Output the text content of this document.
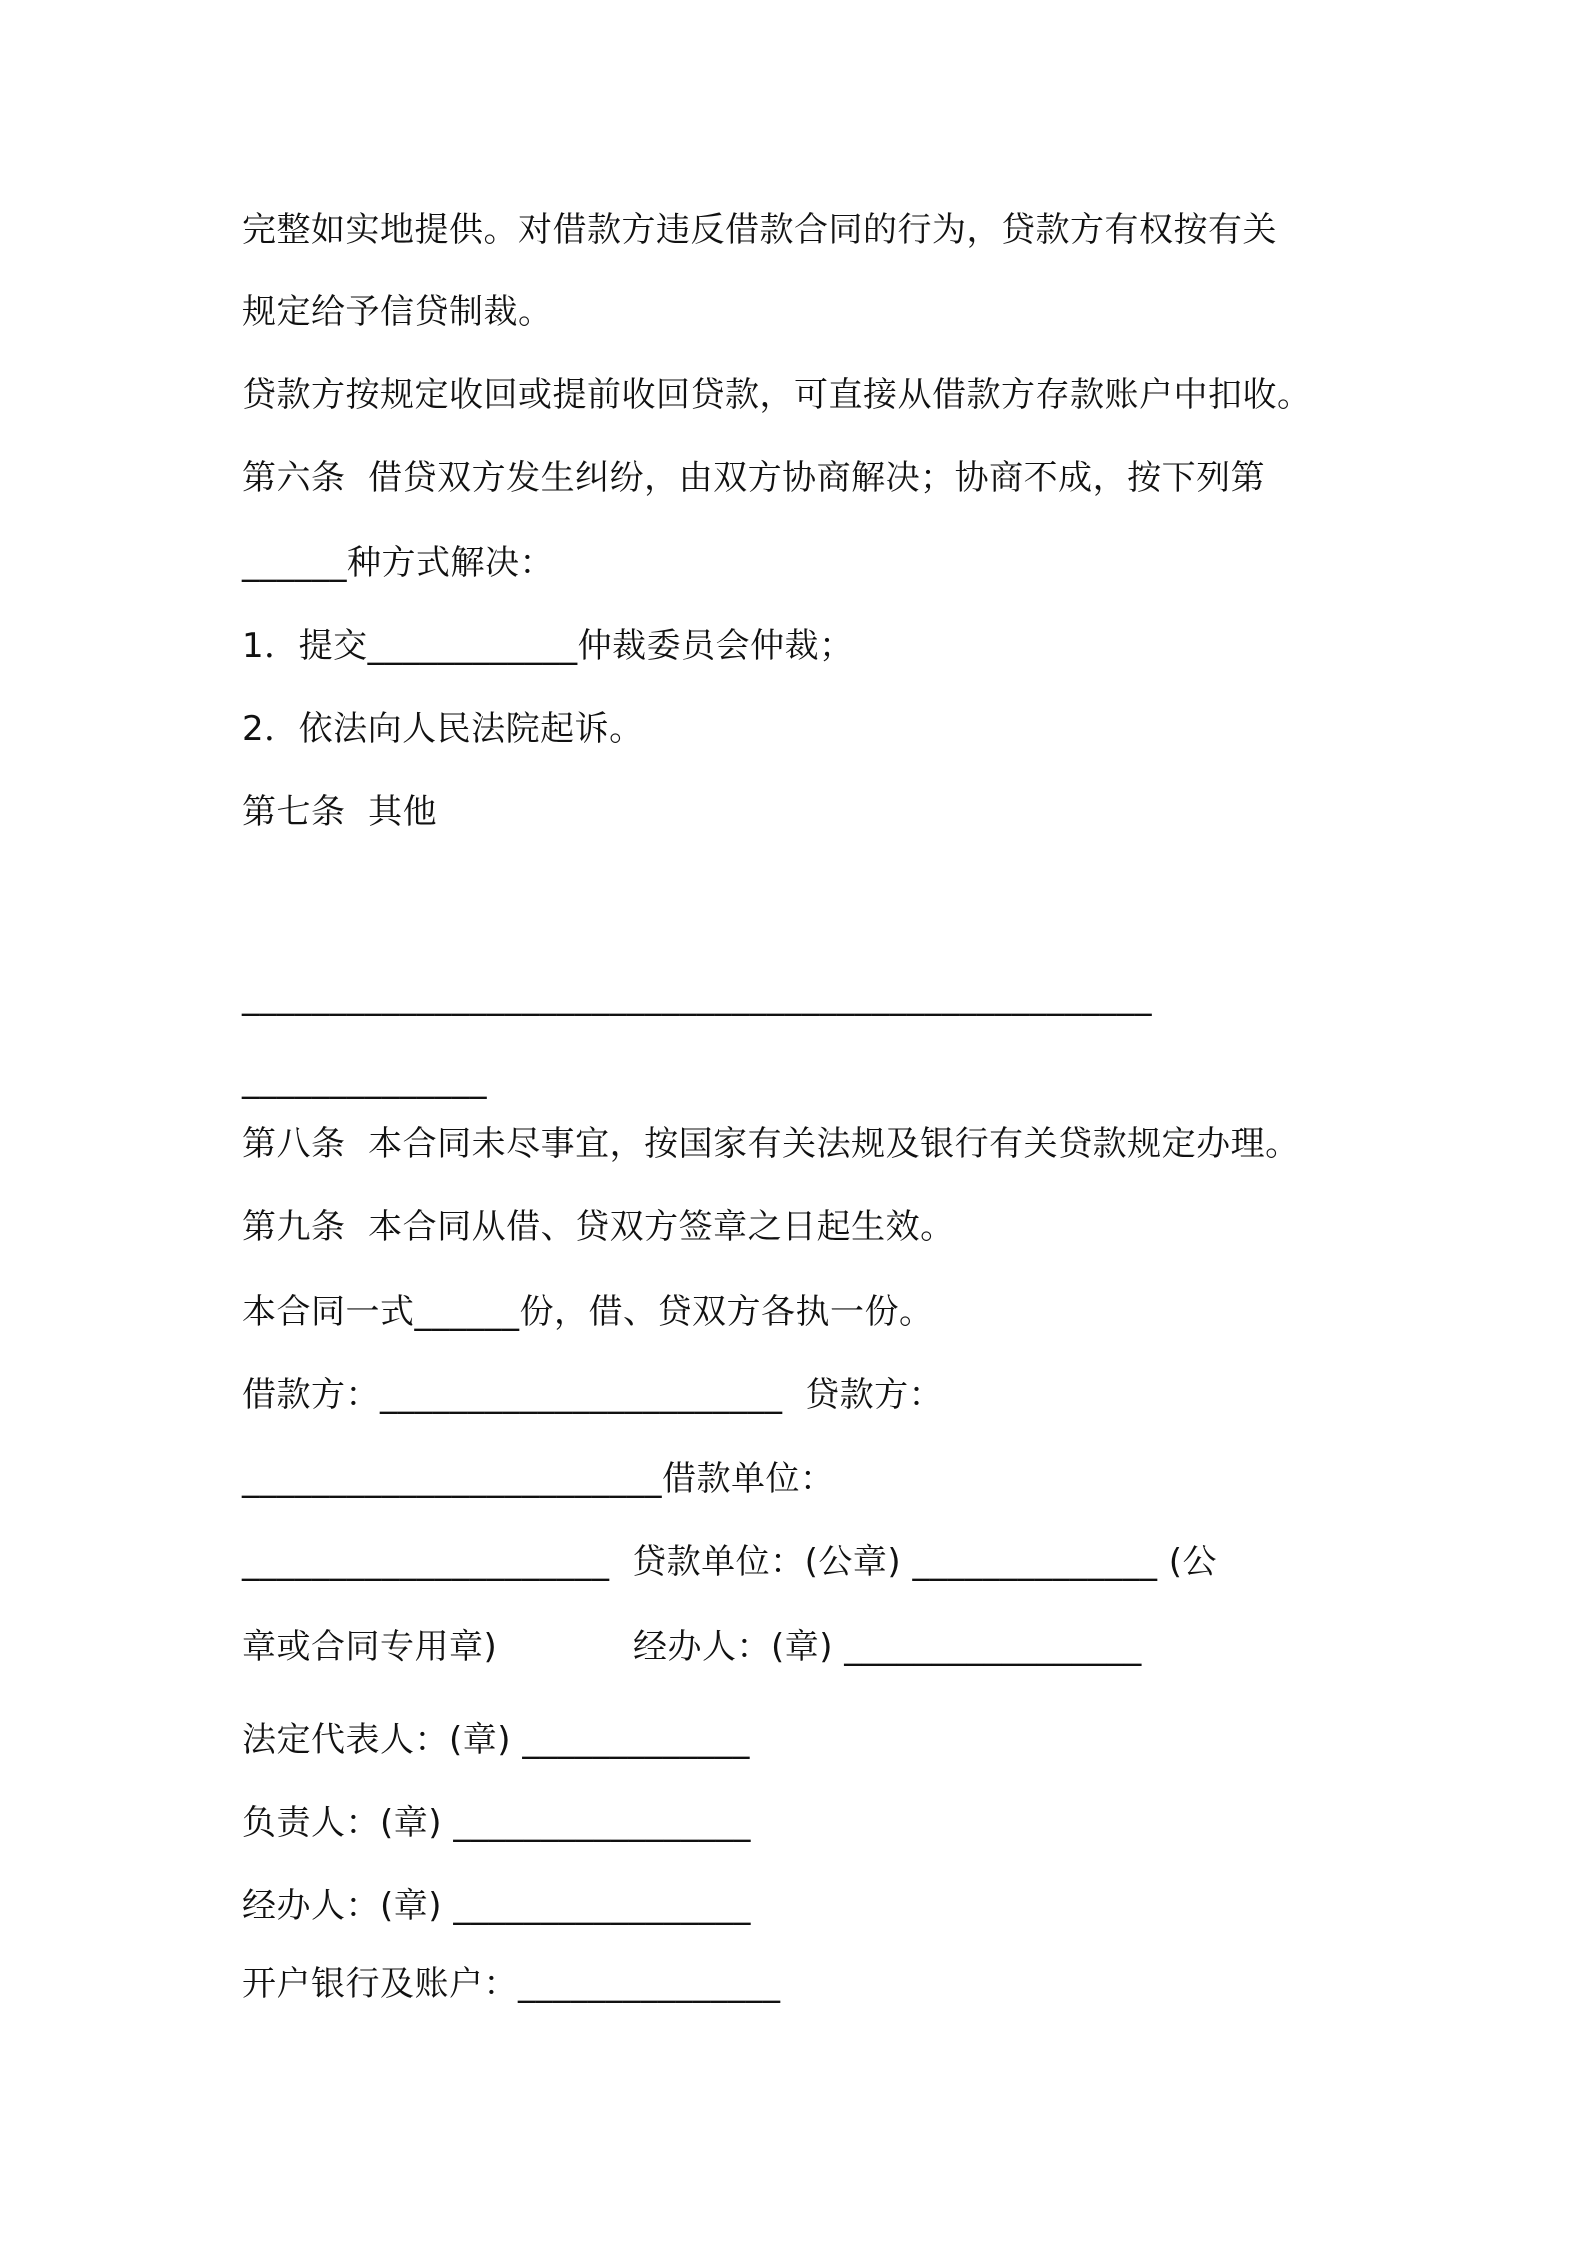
完整如实地提供。对借款方违反借款合同的行为，贷款方有权按有关
规定给予信贷制裁。
贷款方按规定收回或提前收回贷款，可直接从借款方存款账户中扣收。
第六条  借贷双方发生纠纷，由双方协商解决；协商不成，按下列第
______种方式解决：
1．提交____________仲裁委员会仲裁；
2．依法向人民法院起诉。
第七条  其他
____________________________________________________
______________
第八条  本合同未尽事宜，按国家有关法规及银行有关贷款规定办理。
第九条  本合同从借、贷双方签章之日起生效。
本合同一式______份，借、贷双方各执一份。
借款方：_______________________  贷款方：
________________________借款单位：
_____________________  贷款单位：(公章) ______________ (公
章或合同专用章)            经办人：(章) _________________
法定代表人：(章) _____________
负责人：(章) _________________
经办人：(章) _________________
开户银行及账户：_______________
